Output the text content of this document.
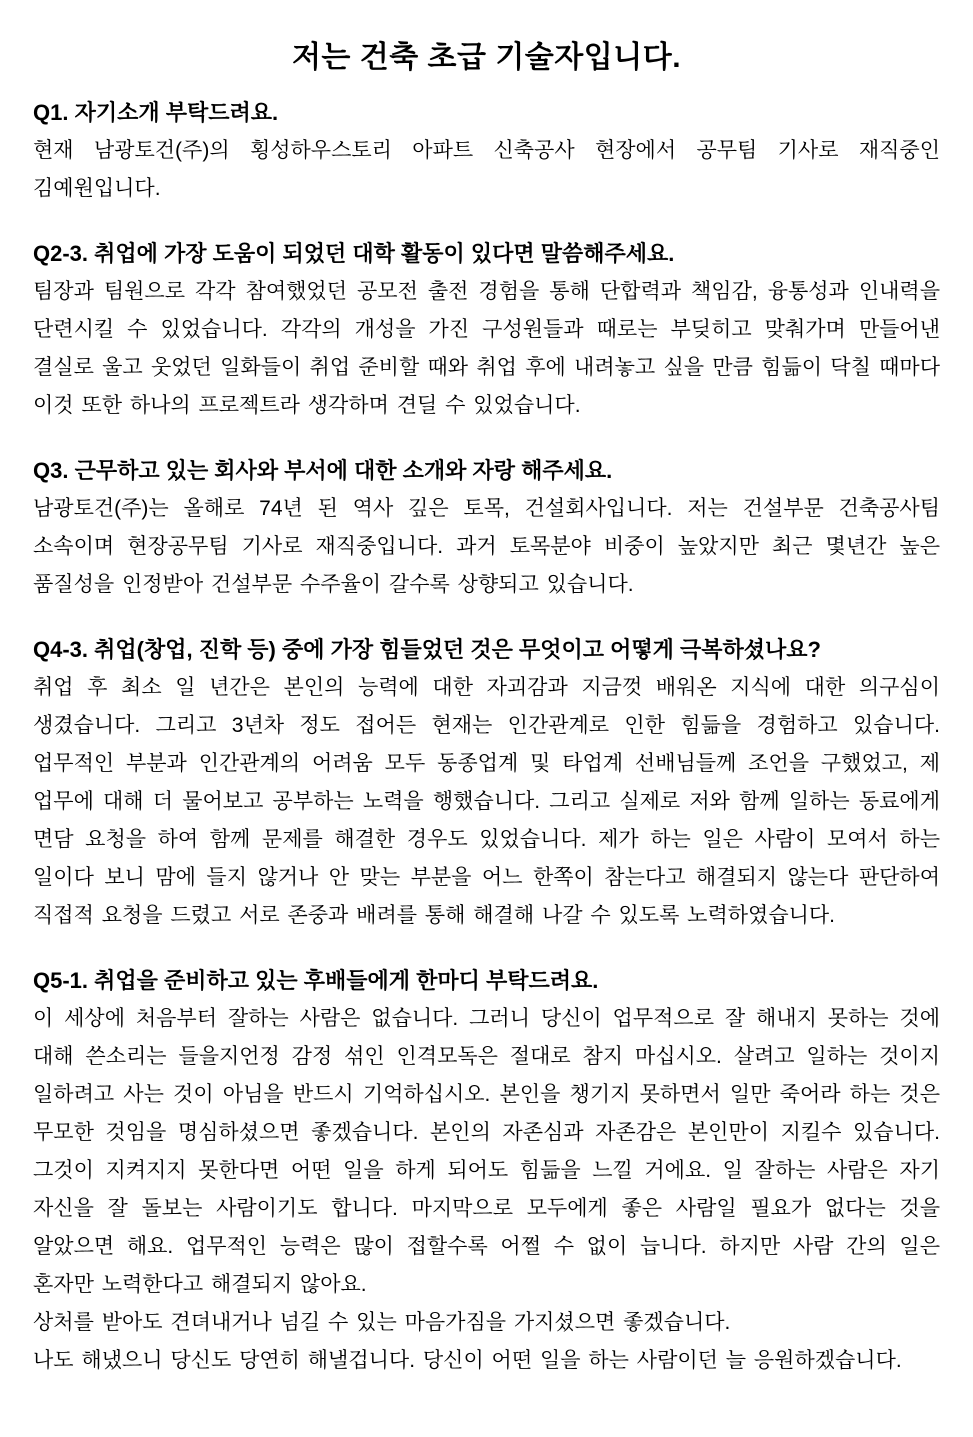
저는 건축 초급 기술자입니다.
Q1. 자기소개 부탁드려요.

현재 남광토건(주)의 횡성하우스토리 아파트 신축공사 현장에서 공무팀 기사로 재직중인 김예원입니다.

Q2-3. 취업에 가장 도움이 되었던 대학 활동이 있다면 말씀해주세요.

팀장과 팀원으로 각각 참여했었던 공모전 출전 경험을 통해 단합력과 책임감, 융통성과 인내력을 단련시킬 수 있었습니다. 각각의 개성을 가진 구성원들과 때로는 부딪히고 맞춰가며 만들어낸 결실로 울고 웃었던 일화들이 취업 준비할 때와 취업 후에 내려놓고 싶을 만큼 힘듦이 닥칠 때마다 이것 또한 하나의 프로젝트라 생각하며 견딜 수 있었습니다.

Q3. 근무하고 있는 회사와 부서에 대한 소개와 자랑 해주세요.

남광토건(주)는 올해로 74년 된 역사 깊은 토목, 건설회사입니다. 저는 건설부문 건축공사팀 소속이며 현장공무팀 기사로 재직중입니다. 과거 토목분야 비중이 높았지만 최근 몇년간 높은 품질성을 인정받아 건설부문 수주율이 갈수록 상향되고 있습니다.

Q4-3. 취업(창업, 진학 등) 중에 가장 힘들었던 것은 무엇이고 어떻게 극복하셨나요?

취업 후 최소 일 년간은 본인의 능력에 대한 자괴감과 지금껏 배워온 지식에 대한 의구심이 생겼습니다. 그리고 3년차 정도 접어든 현재는 인간관계로 인한 힘듦을 경험하고 있습니다. 업무적인 부분과 인간관계의 어려움 모두 동종업계 및 타업계 선배님들께 조언을 구했었고, 제 업무에 대해 더 물어보고 공부하는 노력을 행했습니다. 그리고 실제로 저와 함께 일하는 동료에게 면담 요청을 하여 함께 문제를 해결한 경우도 있었습니다. 제가 하는 일은 사람이 모여서 하는 일이다 보니 맘에 들지 않거나 안 맞는 부분을 어느 한쪽이 참는다고 해결되지 않는다 판단하여 직접적 요청을 드렸고 서로 존중과 배려를 통해 해결해 나갈 수 있도록 노력하였습니다.

Q5-1. 취업을 준비하고 있는 후배들에게 한마디 부탁드려요.

이 세상에 처음부터 잘하는 사람은 없습니다. 그러니 당신이 업무적으로 잘 해내지 못하는 것에 대해 쓴소리는 들을지언정 감정 섞인 인격모독은 절대로 참지 마십시오. 살려고 일하는 것이지 일하려고 사는 것이 아님을 반드시 기억하십시오. 본인을 챙기지 못하면서 일만 죽어라 하는 것은 무모한 것임을 명심하셨으면 좋겠습니다. 본인의 자존심과 자존감은 본인만이 지킬수 있습니다. 그것이 지켜지지 못한다면 어떤 일을 하게 되어도 힘듦을 느낄 거에요. 일 잘하는 사람은 자기 자신을 잘 돌보는 사람이기도 합니다. 마지막으로 모두에게 좋은 사람일 필요가 없다는 것을 알았으면 해요. 업무적인 능력은 많이 접할수록 어쩔 수 없이 늡니다. 하지만 사람 간의 일은 혼자만 노력한다고 해결되지 않아요.

상처를 받아도 견뎌내거나 넘길 수 있는 마음가짐을 가지셨으면 좋겠습니다.

나도 해냈으니 당신도 당연히 해낼겁니다. 당신이 어떤 일을 하는 사람이던 늘 응원하겠습니다.
